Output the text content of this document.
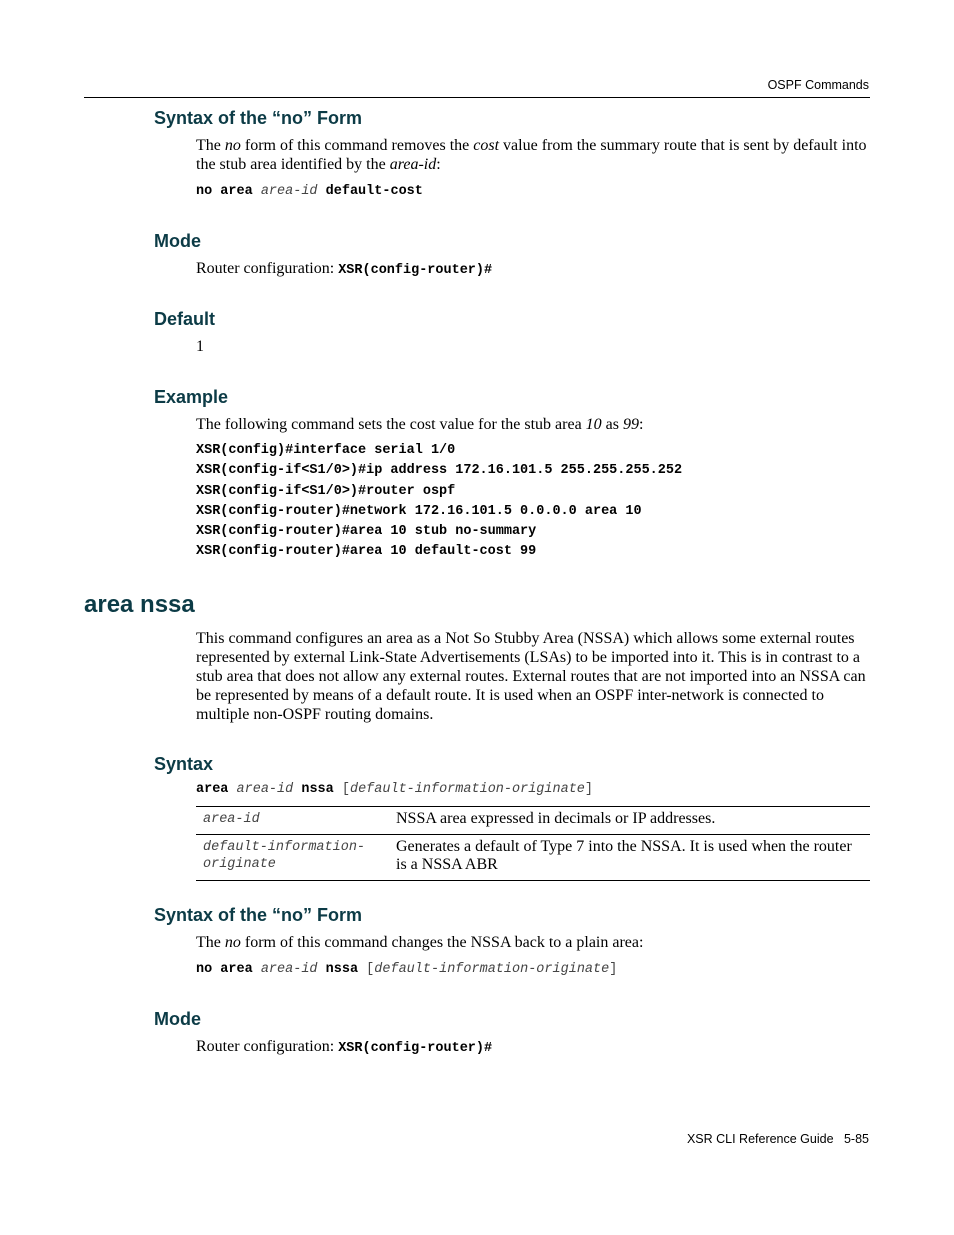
OSPF Commands
Syntax of the “no” Form

The no form of this command removes the cost value from the summary route that is sent by default into the stub area identified by the area-id:

no area area-id default-cost
Mode

Router configuration: XSR(config-router)#

Default

1

Example

The following command sets the cost value for the stub area 10 as 99:

XSR(config)#interface serial 1/0
XSR(config-if<S1/0>)#ip address 172.16.101.5 255.255.255.252
XSR(config-if<S1/0>)#router ospf
XSR(config-router)#network 172.16.101.5 0.0.0.0 area 10
XSR(config-router)#area 10 stub no-summary
XSR(config-router)#area 10 default-cost 99
area nssa

This command configures an area as a Not So Stubby Area (NSSA) which allows some external routes represented by external Link-State Advertisements (LSAs) to be imported into it. This is in contrast to a stub area that does not allow any external routes. External routes that are not imported into an NSSA can be represented by means of a default route. It is used when an OSPF inter-network is connected to multiple non-OSPF routing domains.

Syntax
area area-id nssa [default-information-originate]
area-id	NSSA area expressed in decimals or IP addresses.
default-information-
originate	Generates a default of Type 7 into the NSSA. It is used when the router is a NSSA ABR
Syntax of the “no” Form

The no form of this command changes the NSSA back to a plain area:

no area area-id nssa [default-information-originate]
Mode

Router configuration: XSR(config-router)#

XSR CLI Reference Guide 5-85
